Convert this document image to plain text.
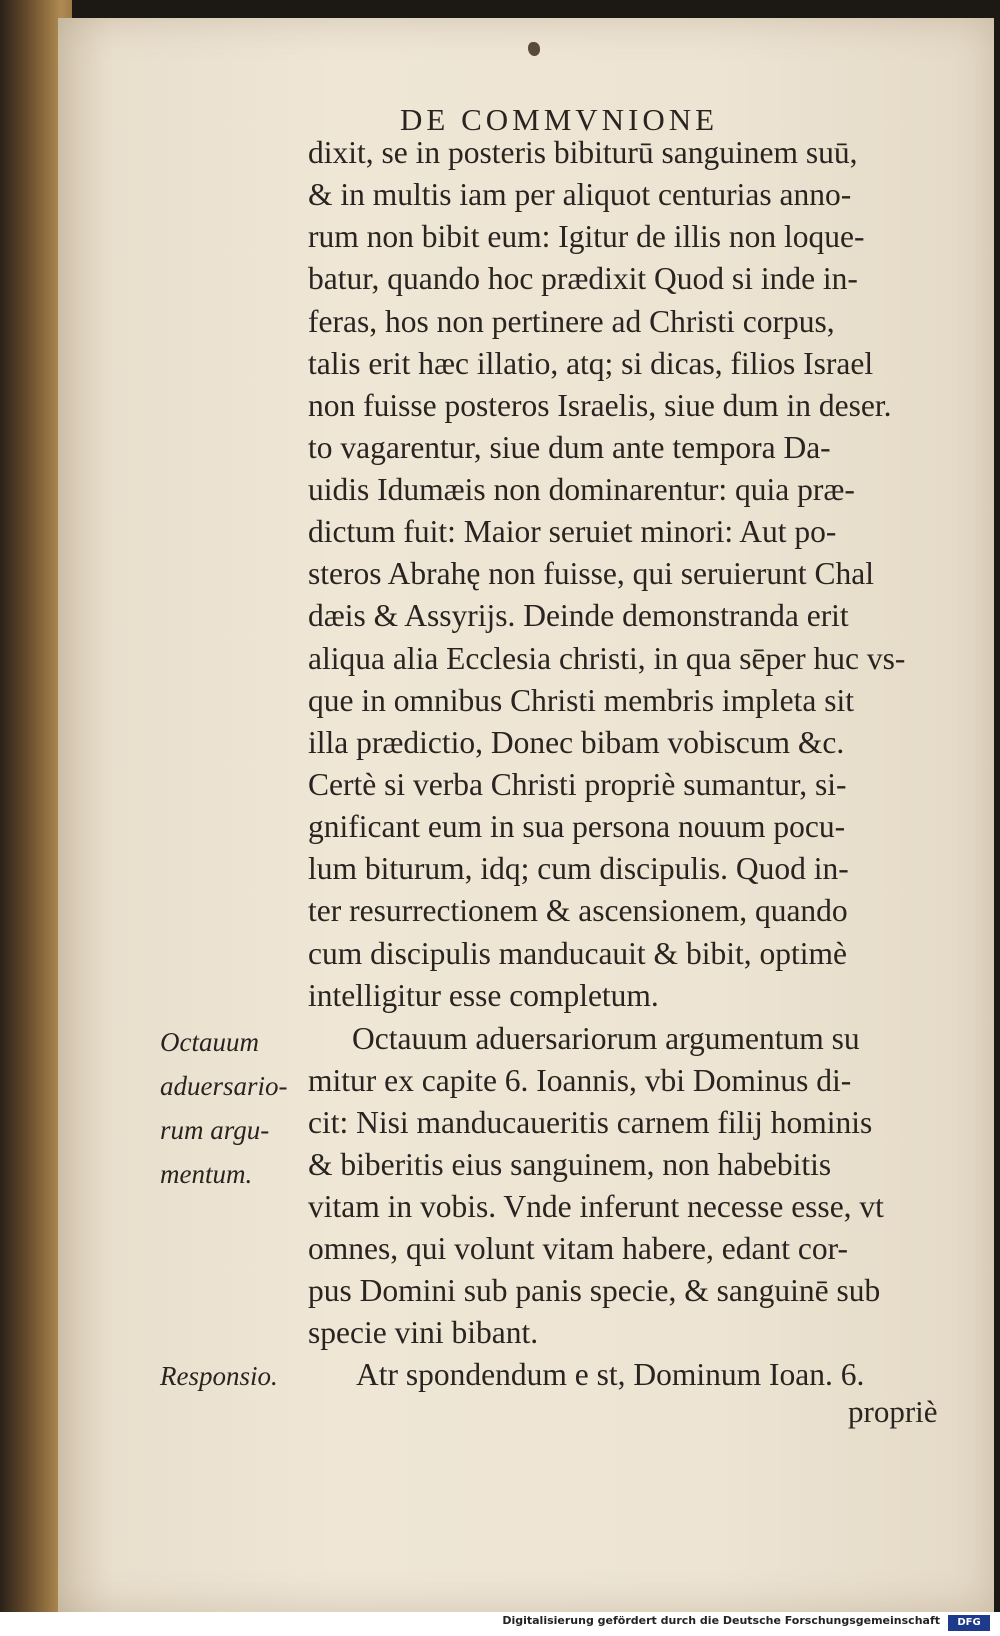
DE COMMVNIONE
dixit, se in posteris bibiturū sanguinem suū,
& in multis iam per aliquot centurias anno-
rum non bibit eum: Igitur de illis non loque-
batur, quando hoc prædixit Quod si inde in-
feras, hos non pertinere ad Christi corpus,
talis erit hæc illatio, atq; si dicas, filios Israel
non fuisse posteros Israelis, siue dum in deser.
to vagarentur, siue dum ante tempora Da-
uidis Idumæis non dominarentur: quia præ-
dictum fuit: Maior seruiet minori: Aut po-
steros Abrahę non fuisse, qui seruierunt Chal
dæis & Assyrijs. Deinde demonstranda erit
aliqua alia Ecclesia christi, in qua sēper huc vs-
que in omnibus Christi membris impleta sit
illa prædictio, Donec bibam vobiscum &c.
Certè si verba Christi propriè sumantur, si-
gnificant eum in sua persona nouum pocu-
lum biturum, idq; cum discipulis. Quod in-
ter resurrectionem & ascensionem, quando
cum discipulis manducauit & bibit, optimè
intelligitur esse completum.
Octauum aduersariorum argumentum su
mitur ex capite 6. Ioannis, vbi Dominus di-
cit: Nisi manducaueritis carnem filij hominis
& biberitis eius sanguinem, non habebitis
vitam in vobis. Vnde inferunt necesse esse, vt
omnes, qui volunt vitam habere, edant cor-
pus Domini sub panis specie, & sanguinē sub
specie vini bibant.
Atr spondendum e st, Dominum Ioan. 6.
Octauum
aduersario-
rum argu-
mentum.
Responsio.
propriè
Digitalisierung gefördert durch die Deutsche Forschungsgemeinschaft	DFG
